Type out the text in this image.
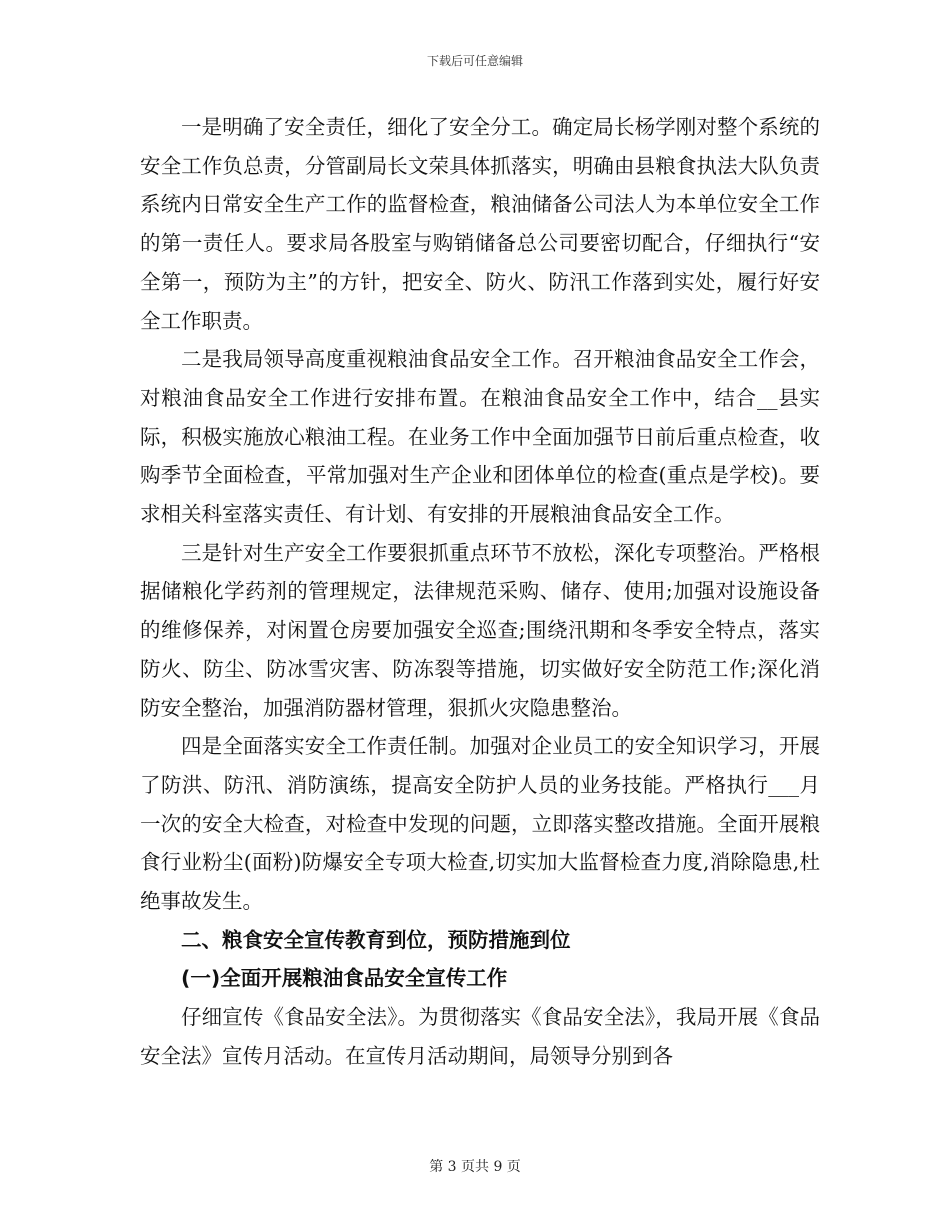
下载后可任意编辑

一是明确了安全责任，细化了安全分工。确定局长杨学刚对整个系统的安全工作负总责，分管副局长文荣具体抓落实，明确由县粮食执法大队负责系统内日常安全生产工作的监督检查，粮油储备公司法人为本单位安全工作的第一责任人。要求局各股室与购销储备总公司要密切配合，仔细执行“安全第一，预防为主”的方针，把安全、防火、防汛工作落到实处，履行好安全工作职责。

二是我局领导高度重视粮油食品安全工作。召开粮油食品安全工作会，对粮油食品安全工作进行安排布置。在粮油食品安全工作中，结合__县实际，积极实施放心粮油工程。在业务工作中全面加强节日前后重点检查，收购季节全面检查，平常加强对生产企业和团体单位的检查(重点是学校)。要求相关科室落实责任、有计划、有安排的开展粮油食品安全工作。

三是针对生产安全工作要狠抓重点环节不放松，深化专项整治。严格根据储粮化学药剂的管理规定，法律规范采购、储存、使用;加强对设施设备的维修保养，对闲置仓房要加强安全巡查;围绕汛期和冬季安全特点，落实防火、防尘、防冰雪灾害、防冻裂等措施，切实做好安全防范工作;深化消防安全整治，加强消防器材管理，狠抓火灾隐患整治。

四是全面落实安全工作责任制。加强对企业员工的安全知识学习，开展了防洪、防汛、消防演练，提高安全防护人员的业务技能。严格执行___月一次的安全大检查，对检查中发现的问题，立即落实整改措施。全面开展粮食行业粉尘(面粉)防爆安全专项大检查,切实加大监督检查力度,消除隐患,杜绝事故发生。

二、粮食安全宣传教育到位，预防措施到位

(一)全面开展粮油食品安全宣传工作

仔细宣传《食品安全法》。为贯彻落实《食品安全法》，我局开展《食品安全法》宣传月活动。在宣传月活动期间，局领导分别到各

第 3 页共 9 页
